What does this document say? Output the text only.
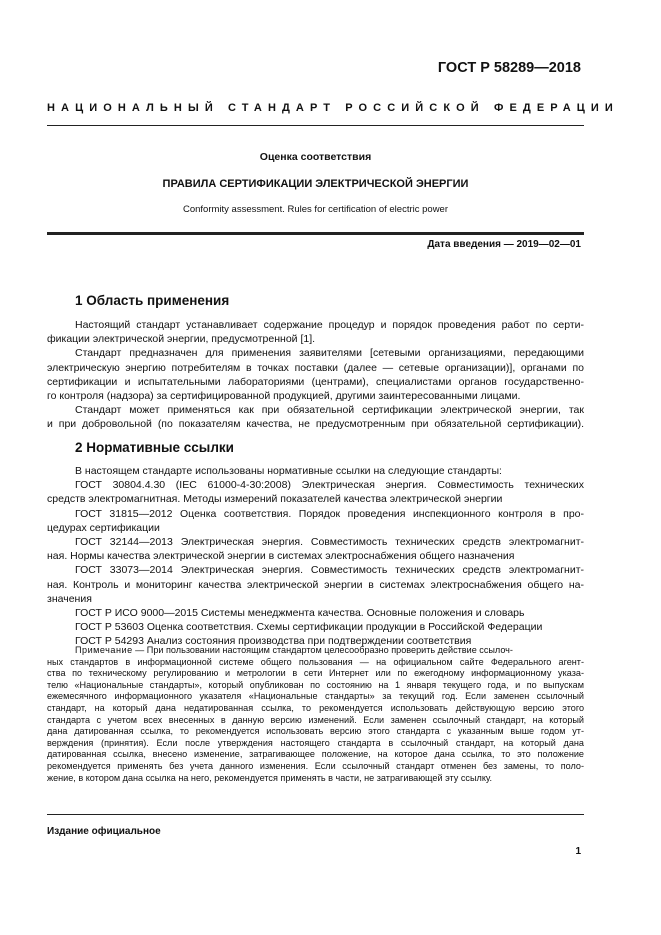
ГОСТ Р 58289—2018
НАЦИОНАЛЬНЫЙ СТАНДАРТ РОССИЙСКОЙ ФЕДЕРАЦИИ
Оценка соответствия
ПРАВИЛА СЕРТИФИКАЦИИ ЭЛЕКТРИЧЕСКОЙ ЭНЕРГИИ
Conformity assessment. Rules for certification of electric power
Дата введения — 2019—02—01
1 Область применения
Настоящий стандарт устанавливает содержание процедур и порядок проведения работ по серти-
фикации электрической энергии, предусмотренной [1].
Стандарт предназначен для применения заявителями [сетевыми организациями, передающими
электрическую энергию потребителям в точках поставки (далее — сетевые организации)], органами по
сертификации и испытательными лабораториями (центрами), специалистами органов государственно-
го контроля (надзора) за сертифицированной продукцией, другими заинтересованными лицами.
Стандарт может применяться как при обязательной сертификации электрической энергии, так
и при добровольной (по показателям качества, не предусмотренным при обязательной сертификации).
2 Нормативные ссылки
В настоящем стандарте использованы нормативные ссылки на следующие стандарты:
ГОСТ 30804.4.30 (IEC 61000-4-30:2008) Электрическая энергия. Совместимость технических
средств электромагнитная. Методы измерений показателей качества электрической энергии
ГОСТ 31815—2012 Оценка соответствия. Порядок проведения инспекционного контроля в про-
цедурах сертификации
ГОСТ 32144—2013 Электрическая энергия. Совместимость технических средств электромагнит-
ная. Нормы качества электрической энергии в системах электроснабжения общего назначения
ГОСТ 33073—2014 Электрическая энергия. Совместимость технических средств электромагнит-
ная. Контроль и мониторинг качества электрической энергии в системах электроснабжения общего на-
значения
ГОСТ Р ИСО 9000—2015 Системы менеджмента качества. Основные положения и словарь
ГОСТ Р 53603 Оценка соответствия. Схемы сертификации продукции в Российской Федерации
ГОСТ Р 54293 Анализ состояния производства при подтверждении соответствия
Примечание — При пользовании настоящим стандартом целесообразно проверить действие ссылоч-
ных стандартов в информационной системе общего пользования — на официальном сайте Федерального агент-
ства по техническому регулированию и метрологии в сети Интернет или по ежегодному информационному указа-
телю «Национальные стандарты», который опубликован по состоянию на 1 января текущего года, и по выпускам
ежемесячного информационного указателя «Национальные стандарты» за текущий год. Если заменен ссылочный
стандарт, на который дана недатированная ссылка, то рекомендуется использовать действующую версию этого
стандарта с учетом всех внесенных в данную версию изменений. Если заменен ссылочный стандарт, на который
дана датированная ссылка, то рекомендуется использовать версию этого стандарта с указанным выше годом ут-
верждения (принятия). Если после утверждения настоящего стандарта в ссылочный стандарт, на который дана
датированная ссылка, внесено изменение, затрагивающее положение, на которое дана ссылка, то это положение
рекомендуется применять без учета данного изменения. Если ссылочный стандарт отменен без замены, то поло-
жение, в котором дана ссылка на него, рекомендуется применять в части, не затрагивающей эту ссылку.
Издание официальное
1
